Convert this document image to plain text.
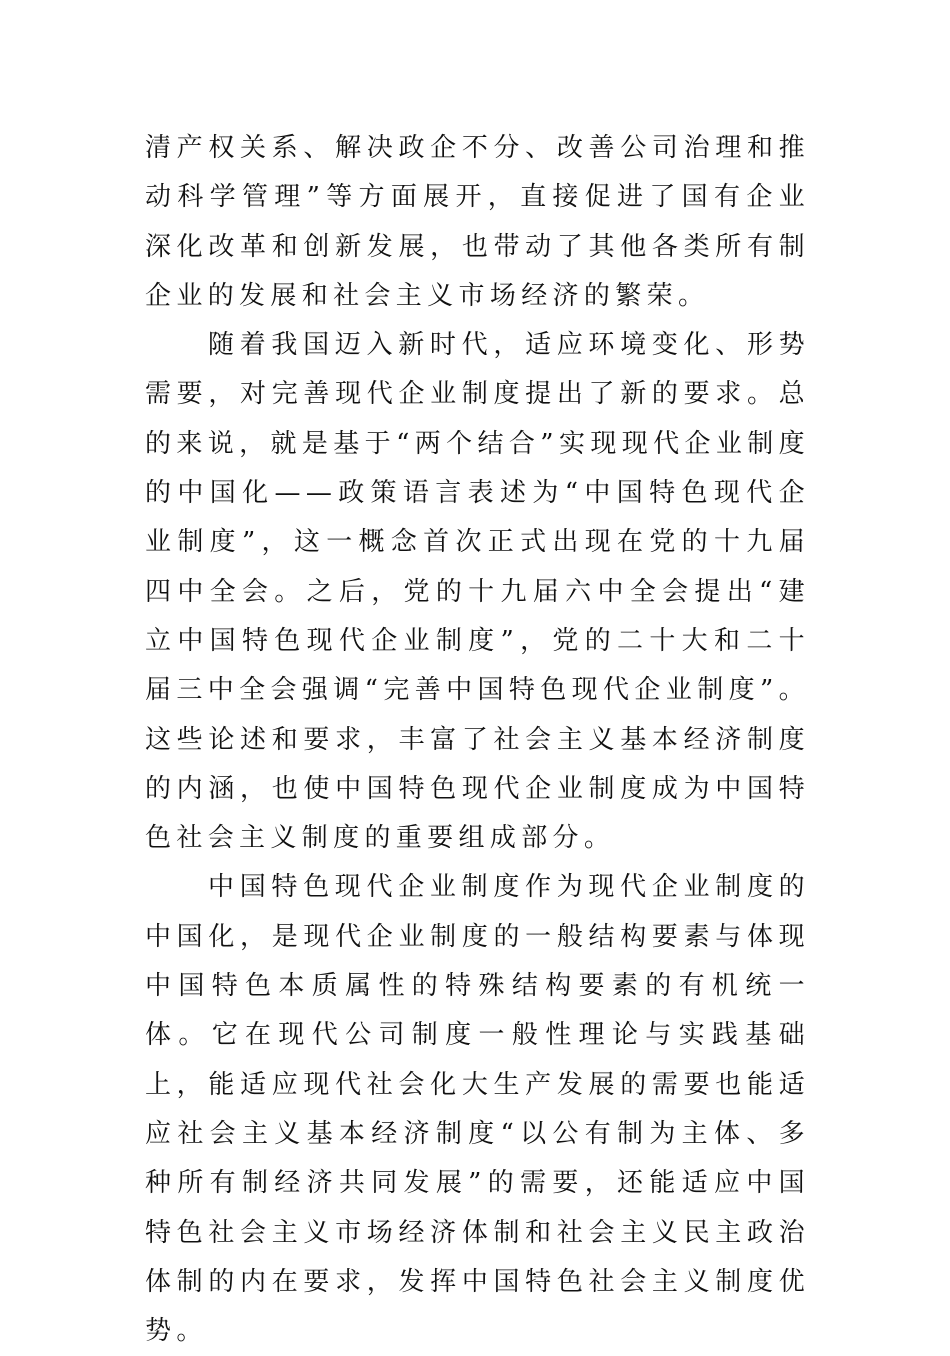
清产权关系、解决政企不分、改善公司治理和推动科学管理”等方面展开，直接促进了国有企业深化改革和创新发展，也带动了其他各类所有制企业的发展和社会主义市场经济的繁荣。

随着我国迈入新时代，适应环境变化、形势需要，对完善现代企业制度提出了新的要求。总的来说，就是基于“两个结合”实现现代企业制度的中国化——政策语言表述为“中国特色现代企业制度”，这一概念首次正式出现在党的十九届四中全会。之后，党的十九届六中全会提出“建立中国特色现代企业制度”，党的二十大和二十届三中全会强调“完善中国特色现代企业制度”。这些论述和要求，丰富了社会主义基本经济制度的内涵，也使中国特色现代企业制度成为中国特色社会主义制度的重要组成部分。

中国特色现代企业制度作为现代企业制度的中国化，是现代企业制度的一般结构要素与体现中国特色本质属性的特殊结构要素的有机统一体。它在现代公司制度一般性理论与实践基础上，能适应现代社会化大生产发展的需要也能适应社会主义基本经济制度“以公有制为主体、多种所有制经济共同发展”的需要，还能适应中国特色社会主义市场经济体制和社会主义民主政治体制的内在要求，发挥中国特色社会主义制度优势。
